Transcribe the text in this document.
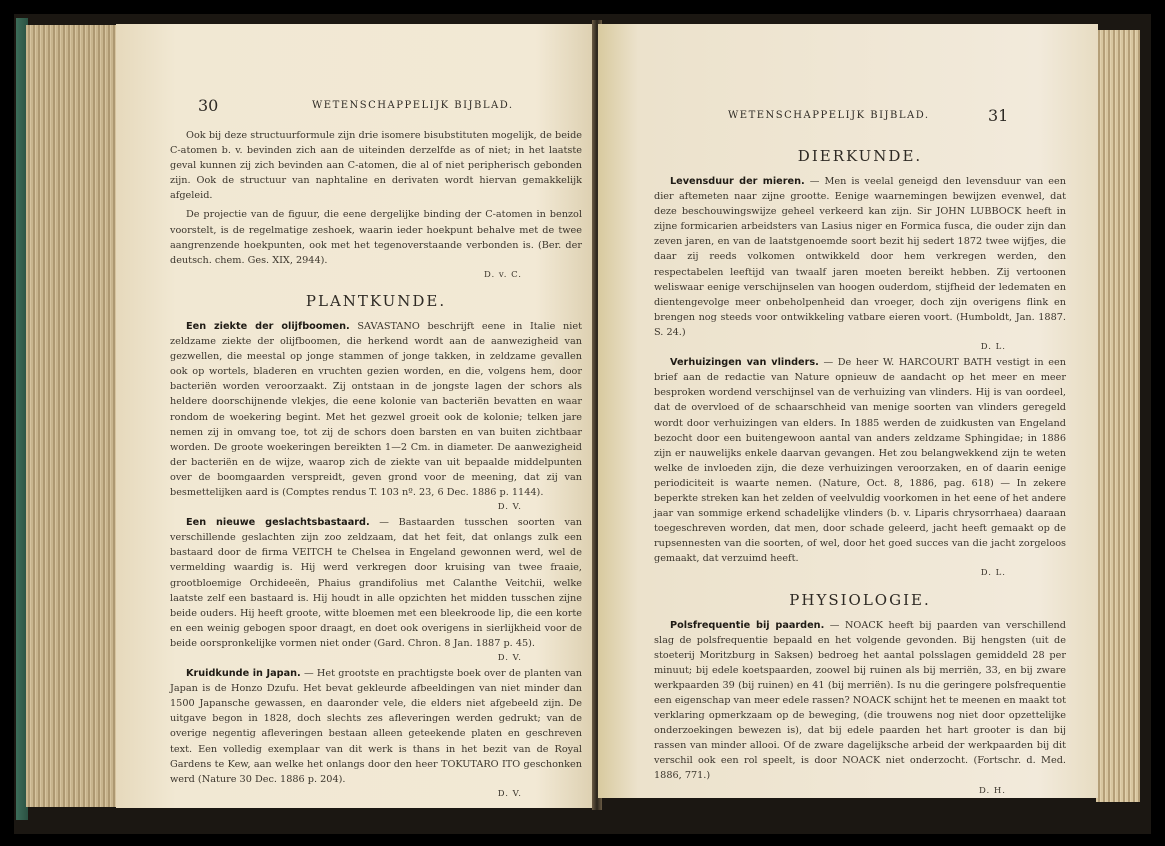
30	WETENSCHAPPELIJK BIJBLAD.

Ook bij deze structuurformule zijn drie isomere bisubstituten mogelijk, de beide C-atomen b. v. bevinden zich aan de uiteinden derzelfde as of niet; in het laatste geval kunnen zij zich bevinden aan C-atomen, die al of niet peripherisch gebonden zijn. Ook de structuur van naphtaline en derivaten wordt hiervan gemakkelijk afgeleid.

De projectie van de figuur, die eene dergelijke binding der C-atomen in benzol voorstelt, is de regelmatige zeshoek, waarin ieder hoekpunt behalve met de twee aangrenzende hoekpunten, ook met het tegenoverstaande verbonden is. (Ber. der deutsch. chem. Ges. XIX, 2944).

D. v. C.
PLANTKUNDE.

Een ziekte der olijfboomen. SAVASTANO beschrijft eene in Italie niet zeldzame ziekte der olijfboomen, die herkend wordt aan de aanwezigheid van gezwellen, die meestal op jonge stammen of jonge takken, in zeldzame gevallen ook op wortels, bladeren en vruchten gezien worden, en die, volgens hem, door bacteriën worden veroorzaakt. Zij ontstaan in de jongste lagen der schors als heldere doorschijnende vlekjes, die eene kolonie van bacteriën bevatten en waar rondom de woekering begint. Met het gezwel groeit ook de kolonie; telken jare nemen zij in omvang toe, tot zij de schors doen barsten en van buiten zichtbaar worden. De groote woekeringen bereikten 1—2 Cm. in diameter. De aanwezigheid der bacteriën en de wijze, waarop zich de ziekte van uit bepaalde middelpunten over de boomgaarden verspreidt, geven grond voor de meening, dat zij van besmettelijken aard is (Comptes rendus T. 103 nº. 23, 6 Dec. 1886 p. 1144).

D. V.

Een nieuwe geslachtsbastaard. — Bastaarden tusschen soorten van verschillende geslachten zijn zoo zeldzaam, dat het feit, dat onlangs zulk een bastaard door de firma VEITCH te Chelsea in Engeland gewonnen werd, wel de vermelding waardig is. Hij werd verkregen door kruising van twee fraaie, grootbloemige Orchideeën, Phaius grandifolius met Calanthe Veitchii, welke laatste zelf een bastaard is. Hij houdt in alle opzichten het midden tusschen zijne beide ouders. Hij heeft groote, witte bloemen met een bleekroode lip, die een korte en een weinig gebogen spoor draagt, en doet ook overigens in sierlijkheid voor de beide oorspronkelijke vormen niet onder (Gard. Chron. 8 Jan. 1887 p. 45).

D. V.

Kruidkunde in Japan. — Het grootste en prachtigste boek over de planten van Japan is de Honzo Dzufu. Het bevat gekleurde afbeeldingen van niet minder dan 1500 Japansche gewassen, en daaronder vele, die elders niet afgebeeld zijn. De uitgave begon in 1828, doch slechts zes afleveringen werden gedrukt; van de overige negentig afleveringen bestaan alleen geteekende platen en geschreven text. Een volledig exemplaar van dit werk is thans in het bezit van de Royal Gardens te Kew, aan welke het onlangs door den heer TOKUTARO ITO geschonken werd (Nature 30 Dec. 1886 p. 204).

D. V.
WETENSCHAPPELIJK BIJBLAD.	31
DIERKUNDE.

Levensduur der mieren. — Men is veelal geneigd den levensduur van een dier aftemeten naar zijne grootte. Eenige waarnemingen bewijzen evenwel, dat deze beschouwingswijze geheel verkeerd kan zijn. Sir JOHN LUBBOCK heeft in zijne formicarien arbeidsters van Lasius niger en Formica fusca, die ouder zijn dan zeven jaren, en van de laatstgenoemde soort bezit hij sedert 1872 twee wijfjes, die daar zij reeds volkomen ontwikkeld door hem verkregen werden, den respectabelen leeftijd van twaalf jaren moeten bereikt hebben. Zij vertoonen weliswaar eenige verschijnselen van hoogen ouderdom, stijfheid der ledematen en dientengevolge meer onbeholpenheid dan vroeger, doch zijn overigens flink en brengen nog steeds voor ontwikkeling vatbare eieren voort. (Humboldt, Jan. 1887. S. 24.)

D. L.

Verhuizingen van vlinders. — De heer W. HARCOURT BATH vestigt in een brief aan de redactie van Nature opnieuw de aandacht op het meer en meer besproken wordend verschijnsel van de verhuizing van vlinders. Hij is van oordeel, dat de overvloed of de schaarschheid van menige soorten van vlinders geregeld wordt door verhuizingen van elders. In 1885 werden de zuidkusten van Engeland bezocht door een buitengewoon aantal van anders zeldzame Sphingidae; in 1886 zijn er nauwelijks enkele daarvan gevangen. Het zou belangwekkend zijn te weten welke de invloeden zijn, die deze verhuizingen veroorzaken, en of daarin eenige periodiciteit is waarte nemen. (Nature, Oct. 8, 1886, pag. 618) — In zekere beperkte streken kan het zelden of veelvuldig voorkomen in het eene of het andere jaar van sommige erkend schadelijke vlinders (b. v. Liparis chrysorrhaea) daaraan toegeschreven worden, dat men, door schade geleerd, jacht heeft gemaakt op de rupsennesten van die soorten, of wel, door het goed succes van die jacht zorgeloos gemaakt, dat verzuimd heeft.

D. L.
PHYSIOLOGIE.

Polsfrequentie bij paarden. — NOACK heeft bij paarden van verschillend slag de polsfrequentie bepaald en het volgende gevonden. Bij hengsten (uit de stoeterij Moritzburg in Saksen) bedroeg het aantal polsslagen gemiddeld 28 per minuut; bij edele koetspaarden, zoowel bij ruinen als bij merriën, 33, en bij zware werkpaarden 39 (bij ruinen) en 41 (bij merriën). Is nu die geringere polsfrequentie een eigenschap van meer edele rassen? NOACK schijnt het te meenen en maakt tot verklaring opmerkzaam op de beweging, (die trouwens nog niet door opzettelijke onderzoekingen bewezen is), dat bij edele paarden het hart grooter is dan bij rassen van minder allooi. Of de zware dagelijksche arbeid der werkpaarden bij dit verschil ook een rol speelt, is door NOACK niet onderzocht. (Fortschr. d. Med. 1886, 771.)

D. H.
